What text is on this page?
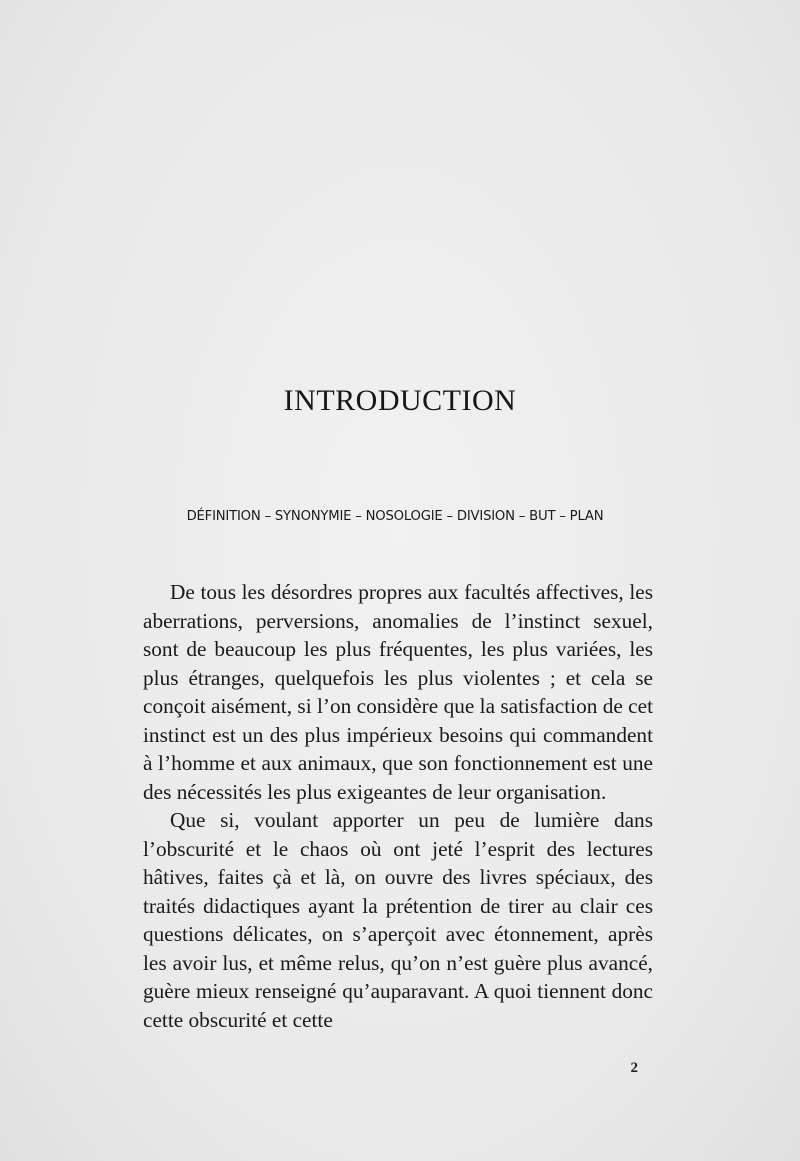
INTRODUCTION
DÉFINITION – SYNONYMIE – NOSOLOGIE – DIVISION – BUT – PLAN

De tous les désordres propres aux facultés affectives, les aberrations, perversions, anomalies de l’instinct sexuel, sont de beaucoup les plus fréquentes, les plus variées, les plus étranges, quelquefois les plus violentes ; et cela se conçoit aisément, si l’on considère que la satisfaction de cet instinct est un des plus impérieux besoins qui commandent à l’homme et aux animaux, que son fonctionnement est une des nécessités les plus exigeantes de leur organisation.

Que si, voulant apporter un peu de lumière dans l’obscurité et le chaos où ont jeté l’esprit des lectures hâtives, faites çà et là, on ouvre des livres spéciaux, des traités didactiques ayant la prétention de tirer au clair ces questions délicates, on s’aperçoit avec étonnement, après les avoir lus, et même relus, qu’on n’est guère plus avancé, guère mieux renseigné qu’auparavant. A quoi tiennent donc cette obscurité et cette

2
